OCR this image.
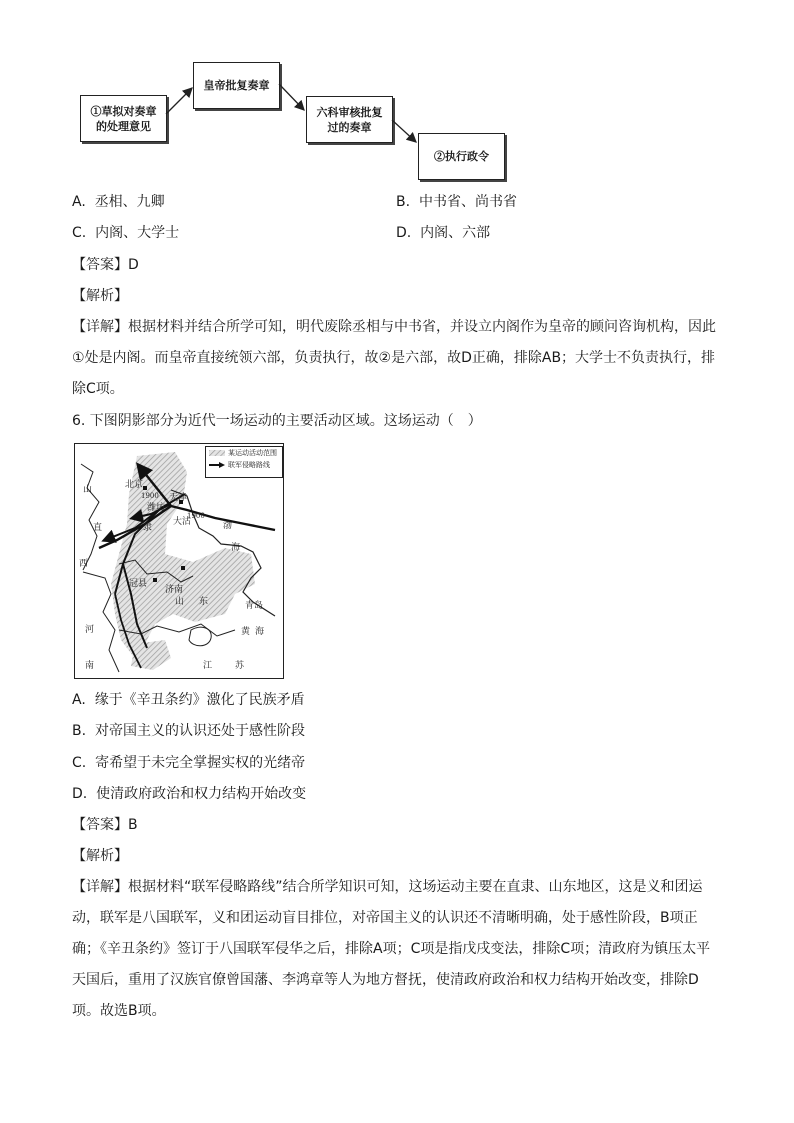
①草拟对奏章的处理意见
皇帝批复奏章
六科审核批复过的奏章
②执行政令
A. 丞相、九卿	B. 中书省、尚书省
C. 内阁、大学士	D. 内阁、六部
【答案】D
【解析】
【详解】根据材料并结合所学可知，明代废除丞相与中书省，并设立内阁作为皇帝的顾问咨询机构，因此①处是内阁。而皇帝直接统领六部，负责执行，故②是六部，故D正确，排除AB；大学士不负责执行，排除C项。
6. 下图阴影部分为近代一场运动的主要活动区域。这场运动（　）
某运动活动范围
联军侵略路线
北京
天津
大沽
潍坊
济南
青岛
山
直	隶
西
河
南
山 东
江	苏
渤
海
黄 海
冠县
1900
1900
A. 缘于《辛丑条约》激化了民族矛盾
B. 对帝国主义的认识还处于感性阶段
C. 寄希望于未完全掌握实权的光绪帝
D. 使清政府政治和权力结构开始改变
【答案】B
【解析】
【详解】根据材料“联军侵略路线”结合所学知识可知，这场运动主要在直隶、山东地区，这是义和团运动，联军是八国联军，义和团运动盲目排位，对帝国主义的认识还不清晰明确，处于感性阶段，B项正确；《辛丑条约》签订于八国联军侵华之后，排除A项；C项是指戊戌变法，排除C项；清政府为镇压太平天国后，重用了汉族官僚曾国藩、李鸿章等人为地方督抚，使清政府政治和权力结构开始改变，排除D项。故选B项。
